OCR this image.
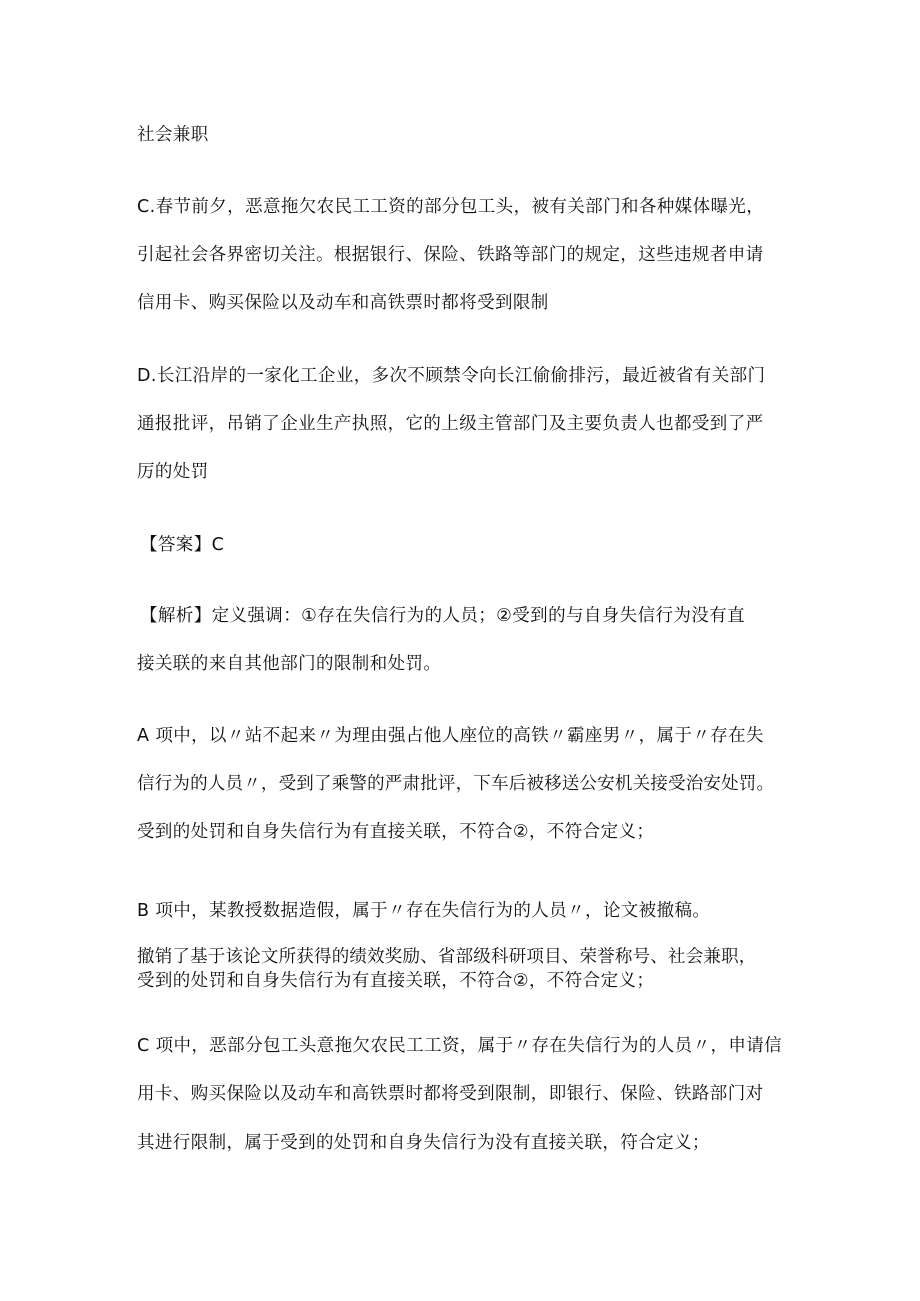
社会兼职
C.春节前夕，恶意拖欠农民工工资的部分包工头，被有关部门和各种媒体曝光，
引起社会各界密切关注。根据银行、保险、铁路等部门的规定，这些违规者申请
信用卡、购买保险以及动车和高铁票时都将受到限制
D.长江沿岸的一家化工企业，多次不顾禁令向长江偷偷排污，最近被省有关部门
通报批评，吊销了企业生产执照，它的上级主管部门及主要负责人也都受到了严
厉的处罚
【答案】C
【解析】定义强调：①存在失信行为的人员；②受到的与自身失信行为没有直
接关联的来自其他部门的限制和处罚。
A 项中，以〃站不起来〃为理由强占他人座位的高铁〃霸座男〃，属于〃存在失
信行为的人员〃，受到了乘警的严肃批评，下车后被移送公安机关接受治安处罚。
受到的处罚和自身失信行为有直接关联，不符合②，不符合定义；
B 项中，某教授数据造假，属于〃存在失信行为的人员〃，论文被撤稿。
撤销了基于该论文所获得的绩效奖励、省部级科研项目、荣誉称号、社会兼职，
受到的处罚和自身失信行为有直接关联，不符合②，不符合定义；
C 项中，恶部分包工头意拖欠农民工工资，属于〃存在失信行为的人员〃，申请信
用卡、购买保险以及动车和高铁票时都将受到限制，即银行、保险、铁路部门对
其进行限制，属于受到的处罚和自身失信行为没有直接关联，符合定义；
